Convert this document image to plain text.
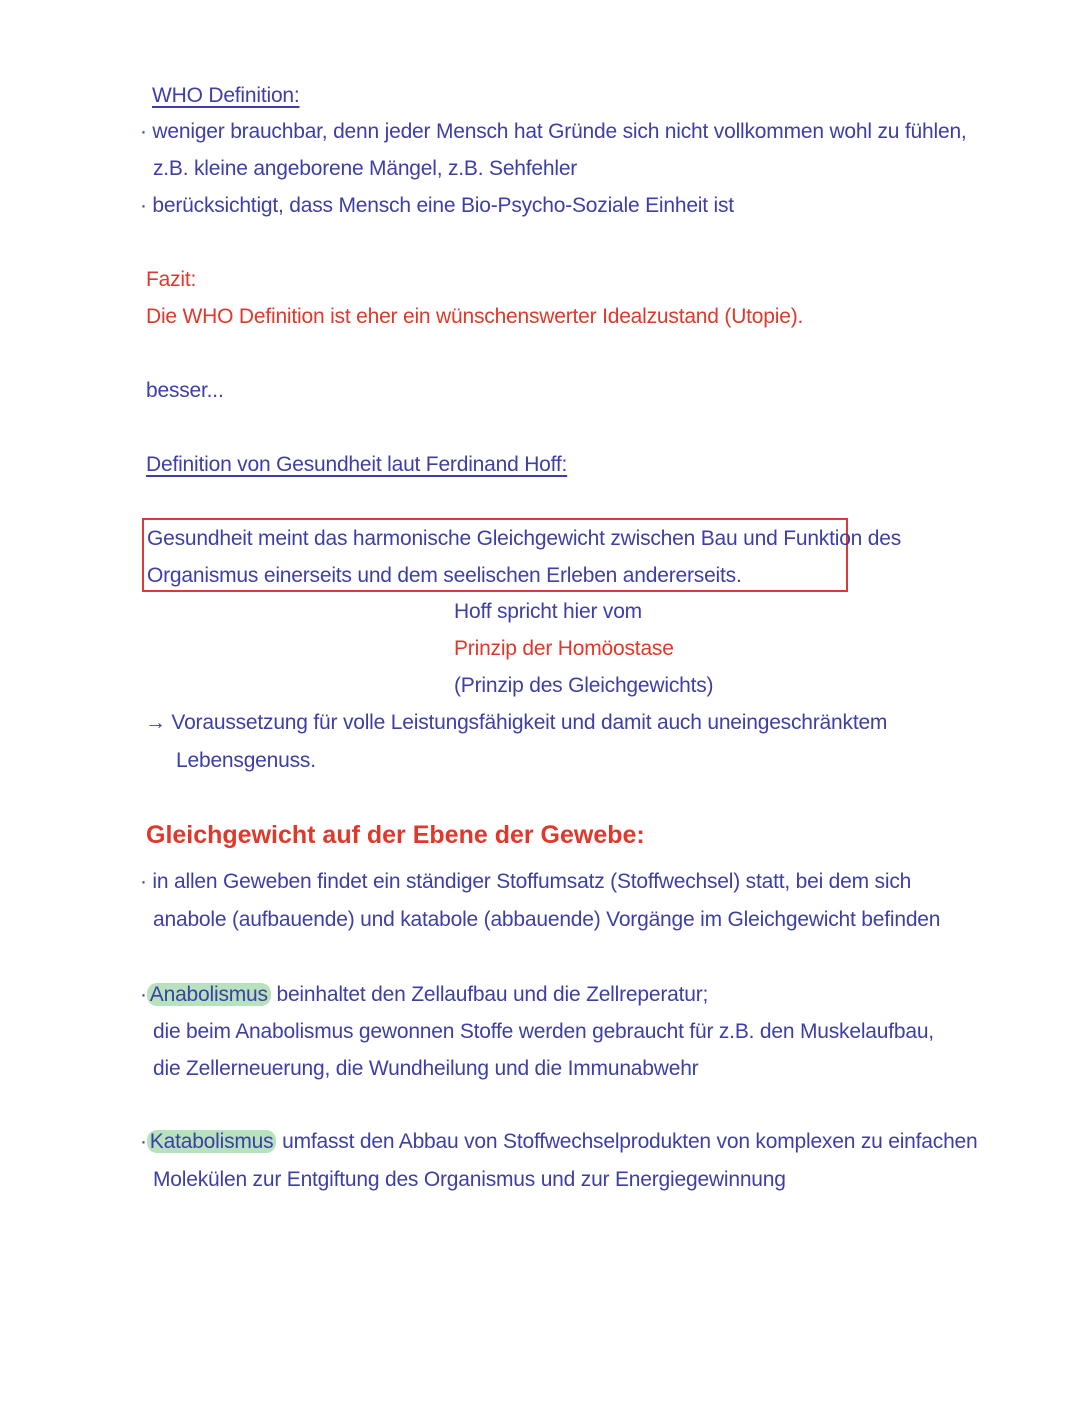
WHO Definition:
· weniger brauchbar, denn jeder Mensch hat Gründe sich nicht vollkommen wohl zu fühlen,
z.B. kleine angeborene Mängel, z.B. Sehfehler
· berücksichtigt, dass Mensch eine Bio-Psycho-Soziale Einheit ist
Fazit:
Die WHO Definition ist eher ein wünschenswerter Idealzustand (Utopie).
besser...
Definition von Gesundheit laut Ferdinand Hoff:
Gesundheit meint das harmonische Gleichgewicht zwischen Bau und Funktion des
Organismus einerseits und dem seelischen Erleben andererseits.
Hoff spricht hier vom
Prinzip der Homöostase
(Prinzip des Gleichgewichts)
→ Voraussetzung für volle Leistungsfähigkeit und damit auch uneingeschränktem
Lebensgenuss.
Gleichgewicht auf der Ebene der Gewebe:
· in allen Geweben findet ein ständiger Stoffumsatz (Stoffwechsel) statt, bei dem sich
anabole (aufbauende) und katabole (abbauende) Vorgänge im Gleichgewicht befinden
· Anabolismus beinhaltet den Zellaufbau und die Zellreperatur;
die beim Anabolismus gewonnen Stoffe werden gebraucht für z.B. den Muskelaufbau,
die Zellerneuerung, die Wundheilung und die Immunabwehr
· Katabolismus umfasst den Abbau von Stoffwechselprodukten von komplexen zu einfachen
Molekülen zur Entgiftung des Organismus und zur Energiegewinnung
